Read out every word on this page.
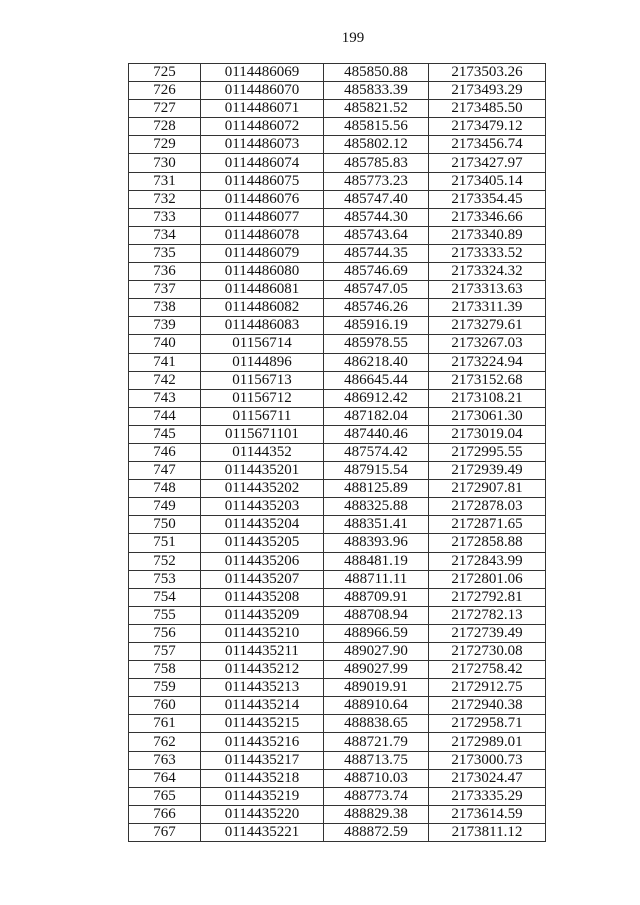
199
725	0114486069	485850.88	2173503.26
726	0114486070	485833.39	2173493.29
727	0114486071	485821.52	2173485.50
728	0114486072	485815.56	2173479.12
729	0114486073	485802.12	2173456.74
730	0114486074	485785.83	2173427.97
731	0114486075	485773.23	2173405.14
732	0114486076	485747.40	2173354.45
733	0114486077	485744.30	2173346.66
734	0114486078	485743.64	2173340.89
735	0114486079	485744.35	2173333.52
736	0114486080	485746.69	2173324.32
737	0114486081	485747.05	2173313.63
738	0114486082	485746.26	2173311.39
739	0114486083	485916.19	2173279.61
740	01156714	485978.55	2173267.03
741	01144896	486218.40	2173224.94
742	01156713	486645.44	2173152.68
743	01156712	486912.42	2173108.21
744	01156711	487182.04	2173061.30
745	0115671101	487440.46	2173019.04
746	01144352	487574.42	2172995.55
747	0114435201	487915.54	2172939.49
748	0114435202	488125.89	2172907.81
749	0114435203	488325.88	2172878.03
750	0114435204	488351.41	2172871.65
751	0114435205	488393.96	2172858.88
752	0114435206	488481.19	2172843.99
753	0114435207	488711.11	2172801.06
754	0114435208	488709.91	2172792.81
755	0114435209	488708.94	2172782.13
756	0114435210	488966.59	2172739.49
757	0114435211	489027.90	2172730.08
758	0114435212	489027.99	2172758.42
759	0114435213	489019.91	2172912.75
760	0114435214	488910.64	2172940.38
761	0114435215	488838.65	2172958.71
762	0114435216	488721.79	2172989.01
763	0114435217	488713.75	2173000.73
764	0114435218	488710.03	2173024.47
765	0114435219	488773.74	2173335.29
766	0114435220	488829.38	2173614.59
767	0114435221	488872.59	2173811.12
